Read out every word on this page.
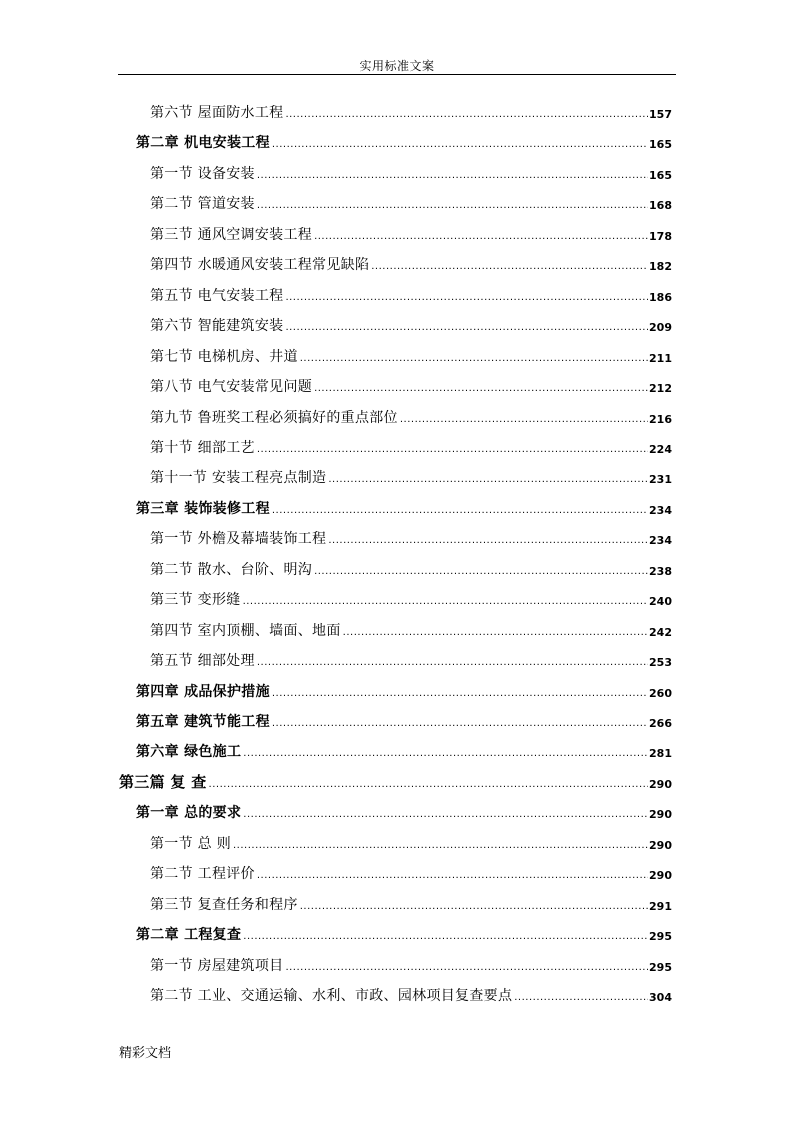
实用标准文案
第六节 屋面防水工程 .....	157
第二章 机电安装工程 .....	165
第一节 设备安装 .....	165
第二节 管道安装 .....	168
第三节 通风空调安装工程 .....	178
第四节 水暖通风安装工程常见缺陷 .....	182
第五节 电气安装工程 .....	186
第六节 智能建筑安装 .....	209
第七节 电梯机房、井道 .....	211
第八节 电气安装常见问题 .....	212
第九节 鲁班奖工程必须搞好的重点部位 .....	216
第十节 细部工艺 .....	224
第十一节 安装工程亮点制造 .....	231
第三章 装饰装修工程 .....	234
第一节 外檐及幕墙装饰工程 .....	234
第二节 散水、台阶、明沟 .....	238
第三节 变形缝 .....	240
第四节 室内顶棚、墙面、地面 .....	242
第五节 细部处理 .....	253
第四章 成品保护措施 .....	260
第五章 建筑节能工程 .....	266
第六章 绿色施工 .....	281
第三篇 复 查 .....	290
第一章 总的要求 .....	290
第一节 总 则 .....	290
第二节 工程评价 .....	290
第三节 复查任务和程序 .....	291
第二章 工程复查 .....	295
第一节 房屋建筑项目 .....	295
第二节 工业、交通运输、水利、市政、园林项目复查要点 .....	304
精彩文档
